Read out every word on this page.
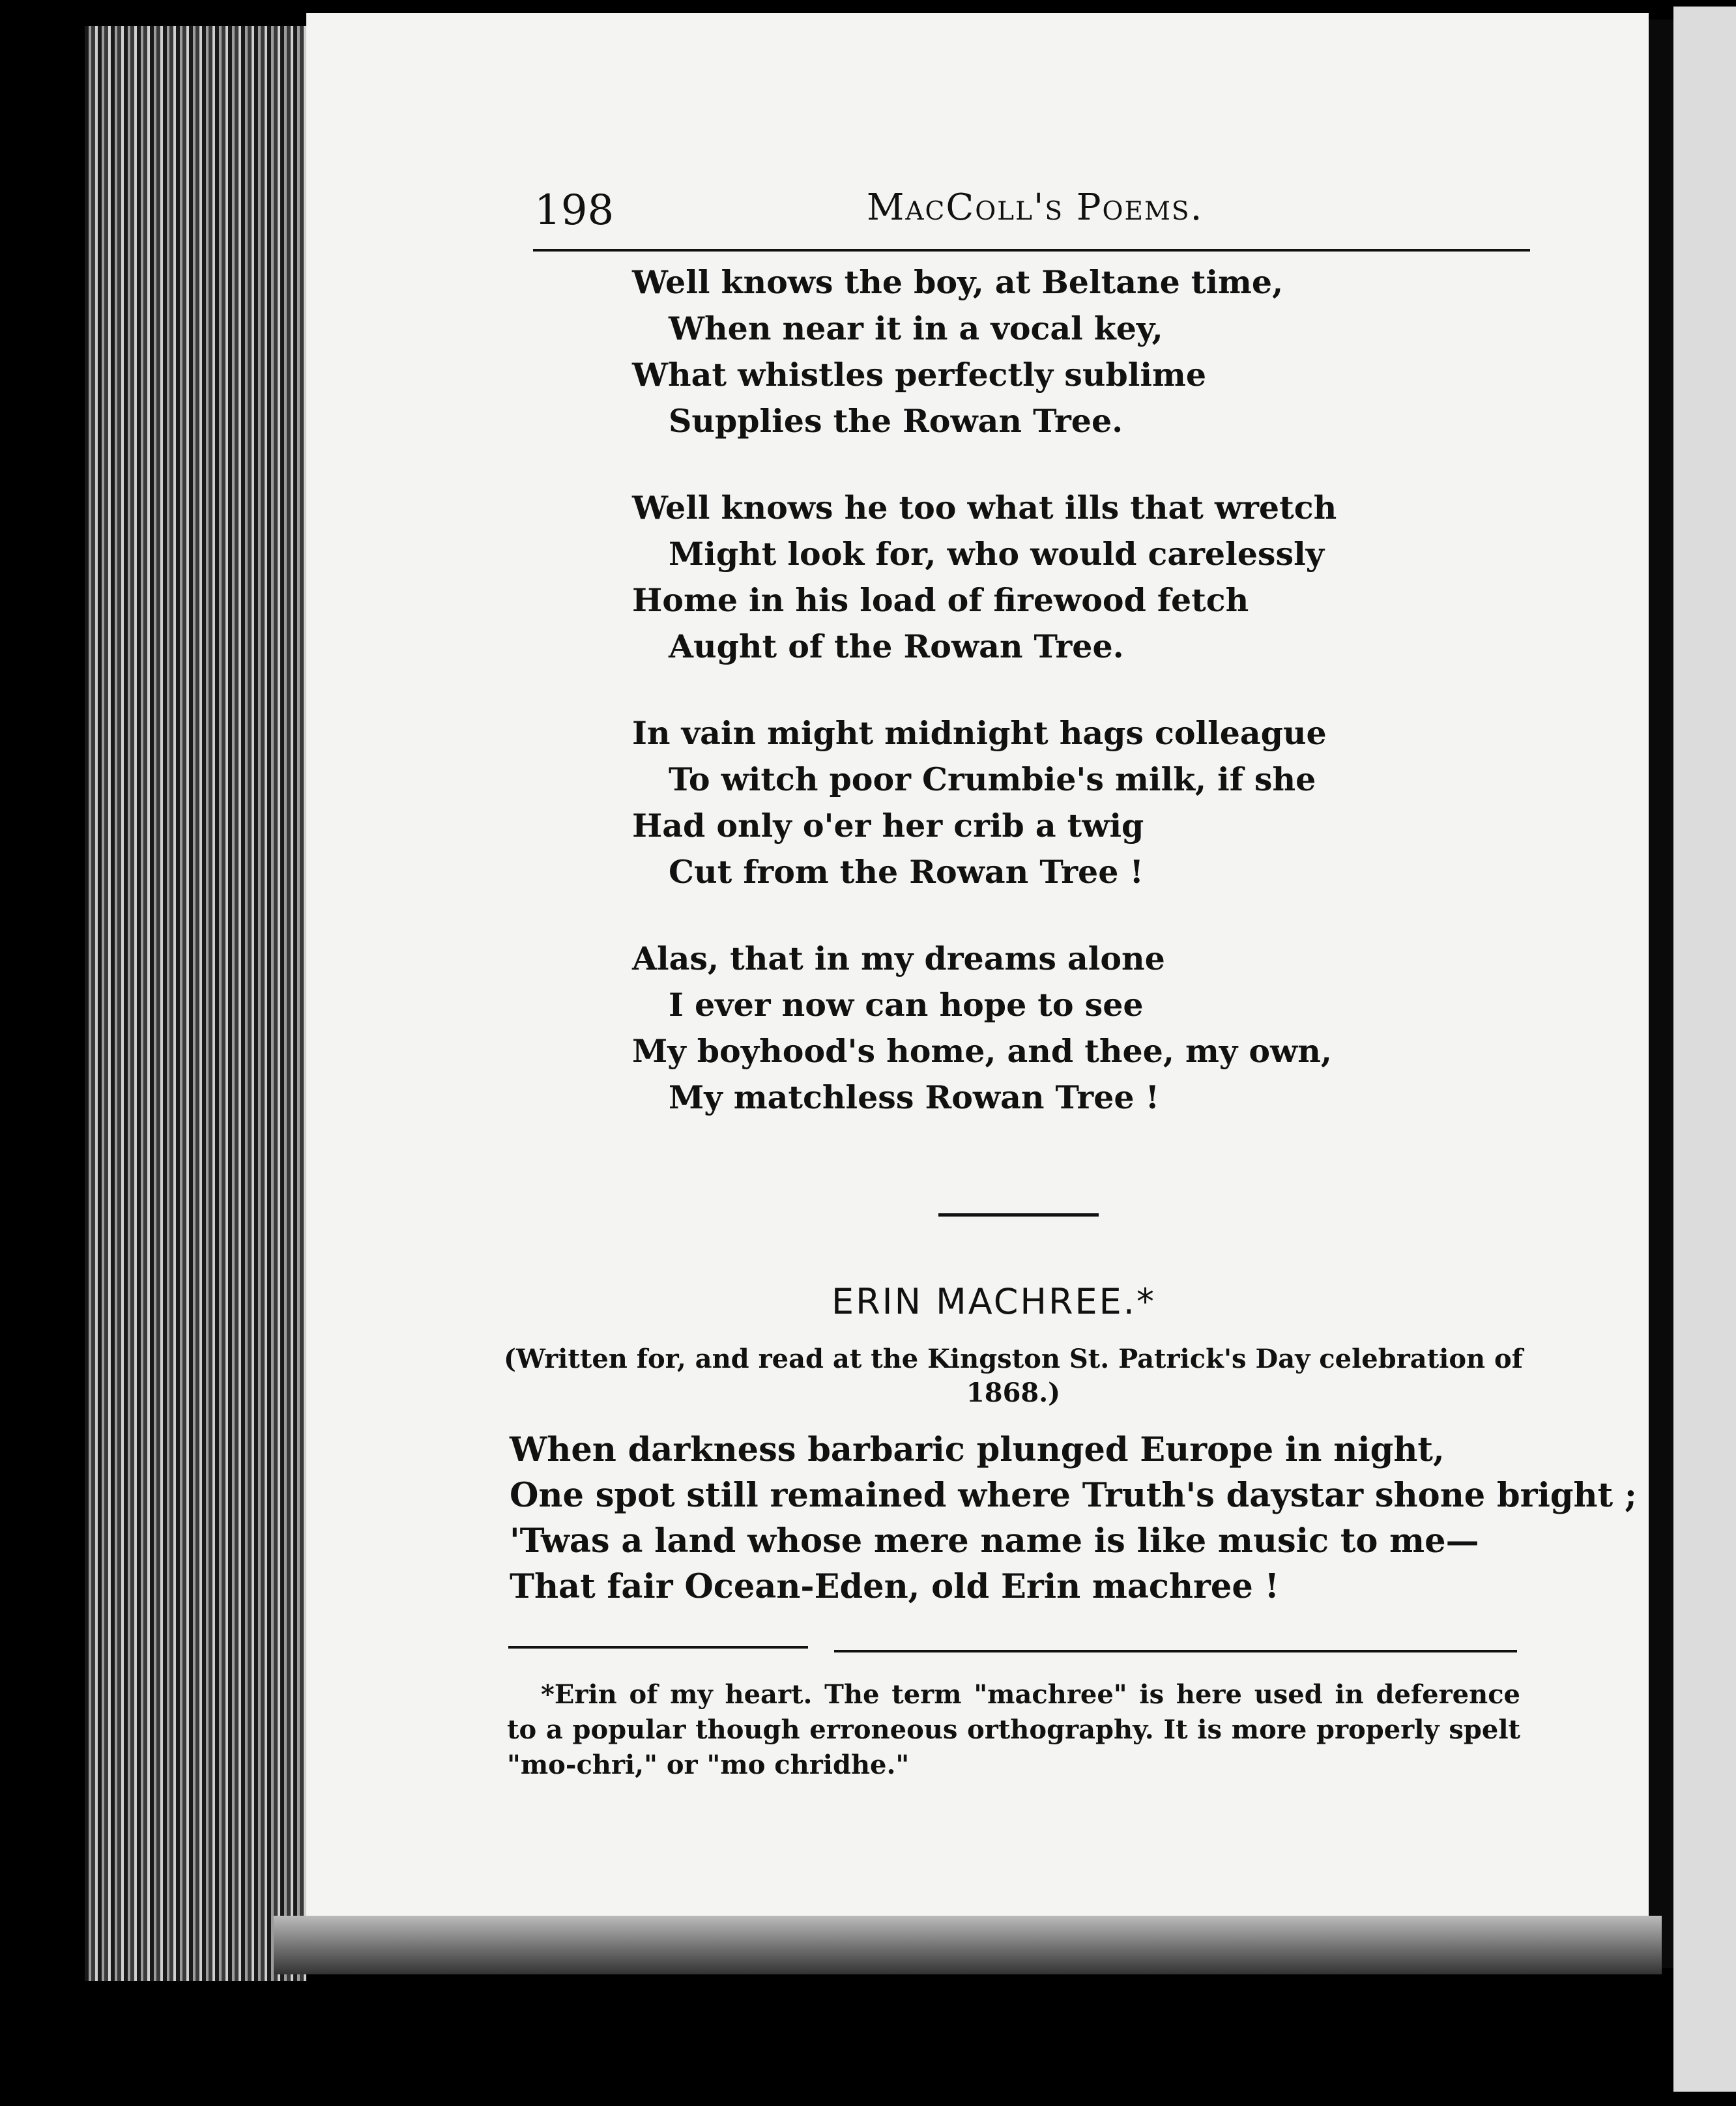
198	MacColl's Poems.
Well knows the boy, at Beltane time,
When near it in a vocal key,
What whistles perfectly sublime
Supplies the Rowan Tree.
Well knows he too what ills that wretch
Might look for, who would carelessly
Home in his load of firewood fetch
Aught of the Rowan Tree.
In vain might midnight hags colleague
To witch poor Crumbie's milk, if she
Had only o'er her crib a twig
Cut from the Rowan Tree !
Alas, that in my dreams alone
I ever now can hope to see
My boyhood's home, and thee, my own,
My matchless Rowan Tree !
ERIN MACHREE.*
(Written for, and read at the Kingston St. Patrick's Day celebration of 1868.)
When darkness barbaric plunged Europe in night,
One spot still remained where Truth's daystar shone bright ;
'Twas a land whose mere name is like music to me—
That fair Ocean-Eden, old Erin machree !
*Erin of my heart. The term "machree" is here used in deference to a popular though erroneous orthography. It is more properly spelt "mo-chri," or "mo chridhe."
